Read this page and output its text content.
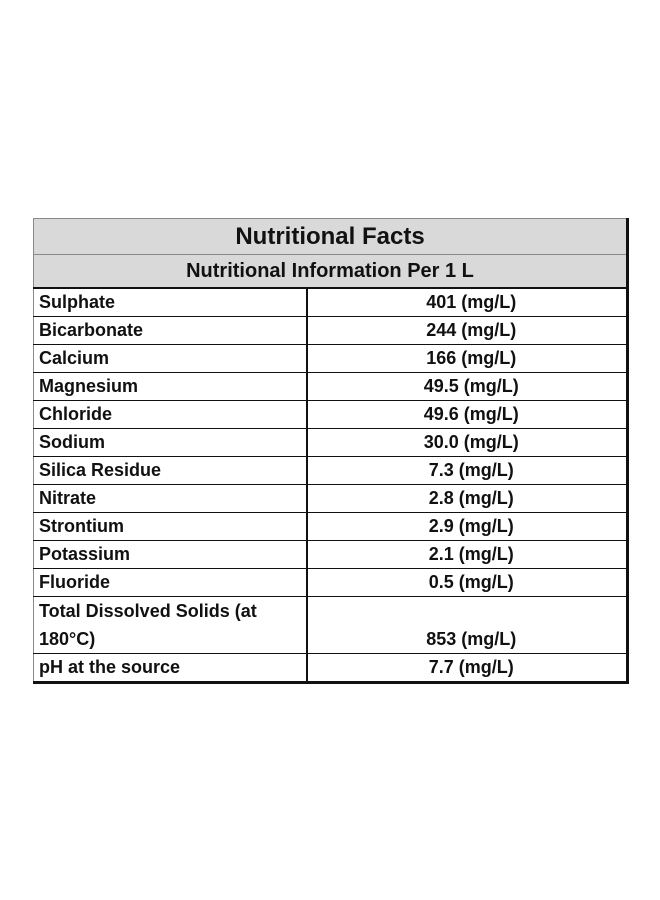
Nutritional Facts	
Nutritional Information Per 1 L	
Sulphate	401 (mg/L)
Bicarbonate	244 (mg/L)
Calcium	166 (mg/L)
Magnesium	49.5 (mg/L)
Chloride	49.6 (mg/L)
Sodium	30.0 (mg/L)
Silica Residue	7.3 (mg/L)
Nitrate	2.8 (mg/L)
Strontium	2.9 (mg/L)
Potassium	2.1 (mg/L)
Fluoride	0.5 (mg/L)
Total Dissolved Solids (at 180°C)	853 (mg/L)
pH at the source	7.7 (mg/L)
